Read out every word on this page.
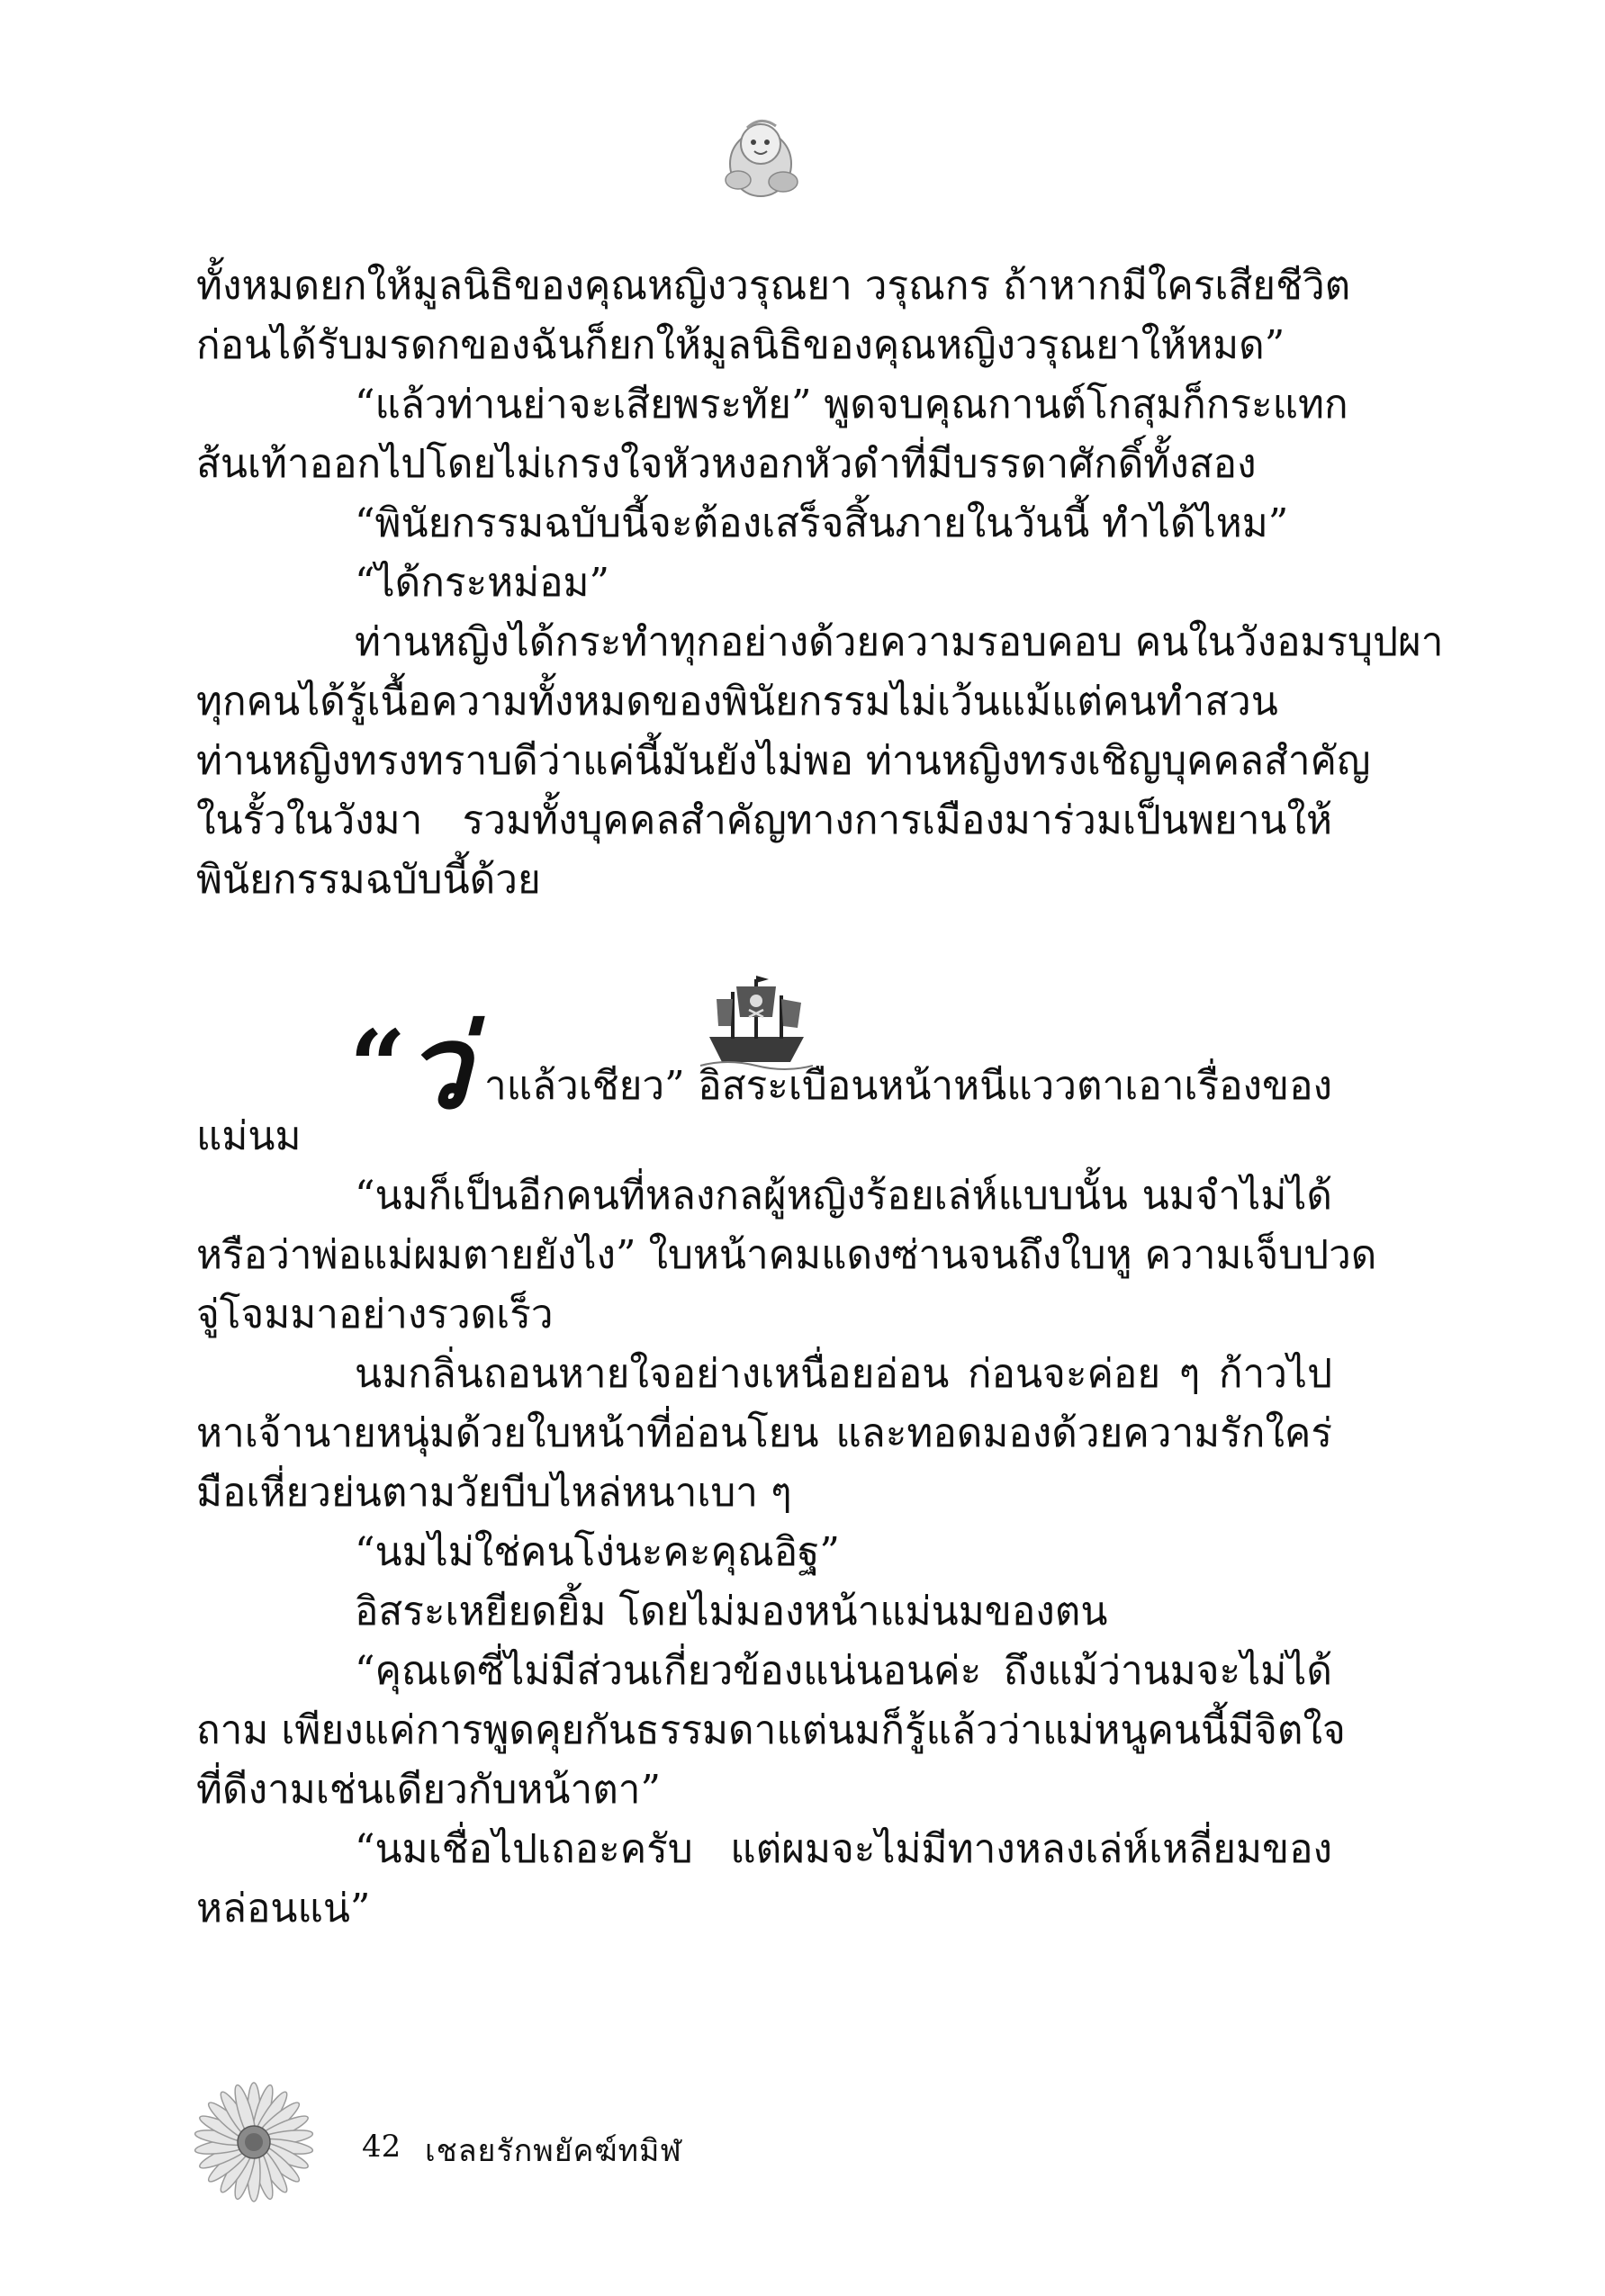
ทั้งหมดยกให้มูลนิธิของคุณหญิงวรุณยา วรุณกร ถ้าหากมีใครเสียชีวิต
ก่อนได้รับมรดกของฉันก็ยกให้มูลนิธิของคุณหญิงวรุณยาให้หมด”
“แล้วท่านย่าจะเสียพระทัย” พูดจบคุณกานต์โกสุมก็กระแทก
ส้นเท้าออกไปโดยไม่เกรงใจหัวหงอกหัวดำที่มีบรรดาศักดิ์ทั้งสอง
“พินัยกรรมฉบับนี้จะต้องเสร็จสิ้นภายในวันนี้ ทำได้ไหม”
“ได้กระหม่อม”
ท่านหญิงได้กระทำทุกอย่างด้วยความรอบคอบ คนในวังอมรบุปผา
ทุกคนได้รู้เนื้อความทั้งหมดของพินัยกรรมไม่เว้นแม้แต่คนทำสวน
ท่านหญิงทรงทราบดีว่าแค่นี้มันยังไม่พอ ท่านหญิงทรงเชิญบุคคลสำคัญ
ในรั้วในวังมา รวมทั้งบุคคลสำคัญทางการเมืองมาร่วมเป็นพยานให้
พินัยกรรมฉบับนี้ด้วย
“
ว่ าแล้วเชียว” อิสระเบือนหน้าหนีแววตาเอาเรื่องของ
แม่นม
“นมก็เป็นอีกคนที่หลงกลผู้หญิงร้อยเล่ห์แบบนั้น นมจำไม่ได้
หรือว่าพ่อแม่ผมตายยังไง” ใบหน้าคมแดงซ่านจนถึงใบหู ความเจ็บปวด
จู่โจมมาอย่างรวดเร็ว
นมกลิ่นถอนหายใจอย่างเหนื่อยอ่อน ก่อนจะค่อย ๆ ก้าวไป
หาเจ้านายหนุ่มด้วยใบหน้าที่อ่อนโยน และทอดมองด้วยความรักใคร่
มือเหี่ยวย่นตามวัยบีบไหล่หนาเบา ๆ
“นมไม่ใช่คนโง่นะคะคุณอิฐ”
อิสระเหยียดยิ้ม โดยไม่มองหน้าแม่นมของตน
“คุณเดซี่ไม่มีส่วนเกี่ยวข้องแน่นอนค่ะ ถึงแม้ว่านมจะไม่ได้
ถาม เพียงแค่การพูดคุยกันธรรมดาแต่นมก็รู้แล้วว่าแม่หนูคนนี้มีจิตใจ
ที่ดีงามเช่นเดียวกับหน้าตา”
“นมเชื่อไปเถอะครับ แต่ผมจะไม่มีทางหลงเล่ห์เหลี่ยมของ
หล่อนแน่”
42 เชลยรักพยัคฆ์ทมิฬ
